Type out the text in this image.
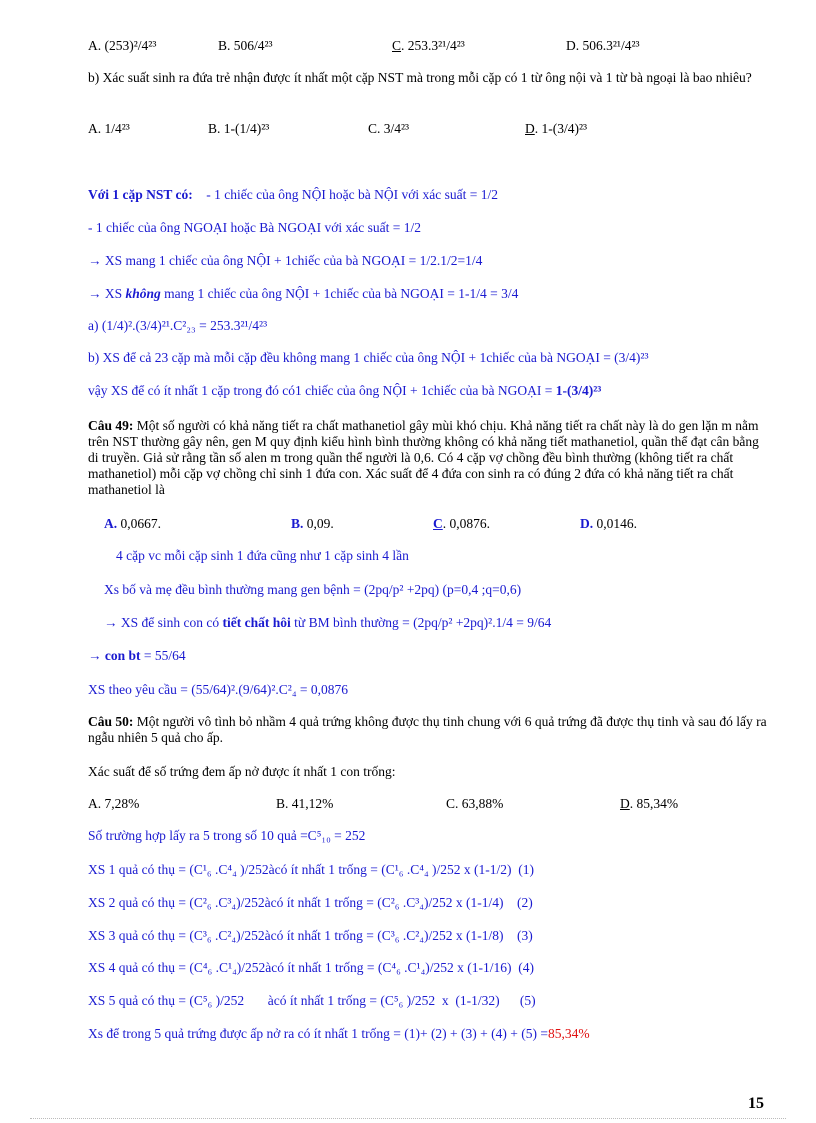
A. (253)²/4²³	B. 506/4²³	C. 253.3²¹/4²³	D. 506.3²¹/4²³
b) Xác suất sinh ra đứa trẻ nhận được ít nhất một cặp NST mà trong mỗi cặp có 1 từ ông nội và 1 từ bà ngoại là bao nhiêu?
A. 1/4²³	B. 1-(1/4)²³	C. 3/4²³	D. 1-(3/4)²³
Với 1 cặp NST có: - 1 chiếc của ông NỘI hoặc bà NỘI với xác suất = 1/2
- 1 chiếc của ông NGOẠI hoặc Bà NGOẠI với xác suất = 1/2
→ XS mang 1 chiếc của ông NỘI + 1chiếc của bà NGOẠI = 1/2.1/2=1/4
→ XS không mang 1 chiếc của ông NỘI + 1chiếc của bà NGOẠI = 1-1/4 = 3/4
a) (1/4)².(3/4)²¹.C²₂₃ = 253.3²¹/4²³
b) XS để cả 23 cặp mà mỗi cặp đều không mang 1 chiếc của ông NỘI + 1chiếc của bà NGOẠI = (3/4)²³
vậy XS để có ít nhất 1 cặp trong đó có1 chiếc của ông NỘI + 1chiếc của bà NGOẠI = 1-(3/4)²³
Câu 49: Một số người có khả năng tiết ra chất mathanetiol gây mùi khó chịu. Khả năng tiết ra chất này là do gen lặn m nằm trên NST thường gây nên, gen M quy định kiểu hình bình thường không có khả năng tiết mathanetiol, quần thể đạt cân bằng di truyền. Giả sử rằng tần số alen m trong quần thể người là 0,6. Có 4 cặp vợ chồng đều bình thường (không tiết ra chất mathanetiol) mỗi cặp vợ chồng chỉ sinh 1 đứa con. Xác suất để 4 đứa con sinh ra có đúng 2 đứa có khả năng tiết ra chất mathanetiol là
A. 0,0667.	B. 0,09.	C. 0,0876.	D. 0,0146.
4 cặp vc mỗi cặp sinh 1 đứa cũng như 1 cặp sinh 4 lần
Xs bố và mẹ đều bình thường mang gen bệnh = (2pq/p² +2pq) (p=0,4 ;q=0,6)
→ XS để sinh con có tiết chất hôi từ BM bình thường = (2pq/p² +2pq)².1/4 = 9/64
→ con bt = 55/64
XS theo yêu cầu = (55/64)².(9/64)².C²₄ = 0,0876
Câu 50: Một người vô tình bỏ nhầm 4 quả trứng không được thụ tinh chung với 6 quả trứng đã được thụ tinh và sau đó lấy ra ngẫu nhiên 5 quả cho ấp.
Xác suất để số trứng đem ấp nở được ít nhất 1 con trống:
A. 7,28%	B. 41,12%	C. 63,88%	D. 85,34%
Số trường hợp lấy ra 5 trong số 10 quả =C⁵₁₀ = 252
XS 1 quả có thụ = (C¹₆ .C⁴₄ )/252àcó ít nhất 1 trống = (C¹₆ .C⁴₄ )/252 x (1-1/2)  (1)
XS 2 quả có thụ = (C²₆ .C³₄)/252àcó ít nhất 1 trống = (C²₆ .C³₄)/252 x (1-1/4)    (2)
XS 3 quả có thụ = (C³₆ .C²₄)/252àcó ít nhất 1 trống = (C³₆ .C²₄)/252 x (1-1/8)    (3)
XS 4 quả có thụ = (C⁴₆ .C¹₄)/252àcó ít nhất 1 trống = (C⁴₆ .C¹₄)/252 x (1-1/16)  (4)
XS 5 quả có thụ = (C⁵₆ )/252       àcó ít nhất 1 trống = (C⁵₆ )/252  x  (1-1/32)      (5)
Xs để trong 5 quả trứng được ấp nở ra có ít nhất 1 trống = (1)+ (2) + (3) + (4) + (5) =85,34%
15
